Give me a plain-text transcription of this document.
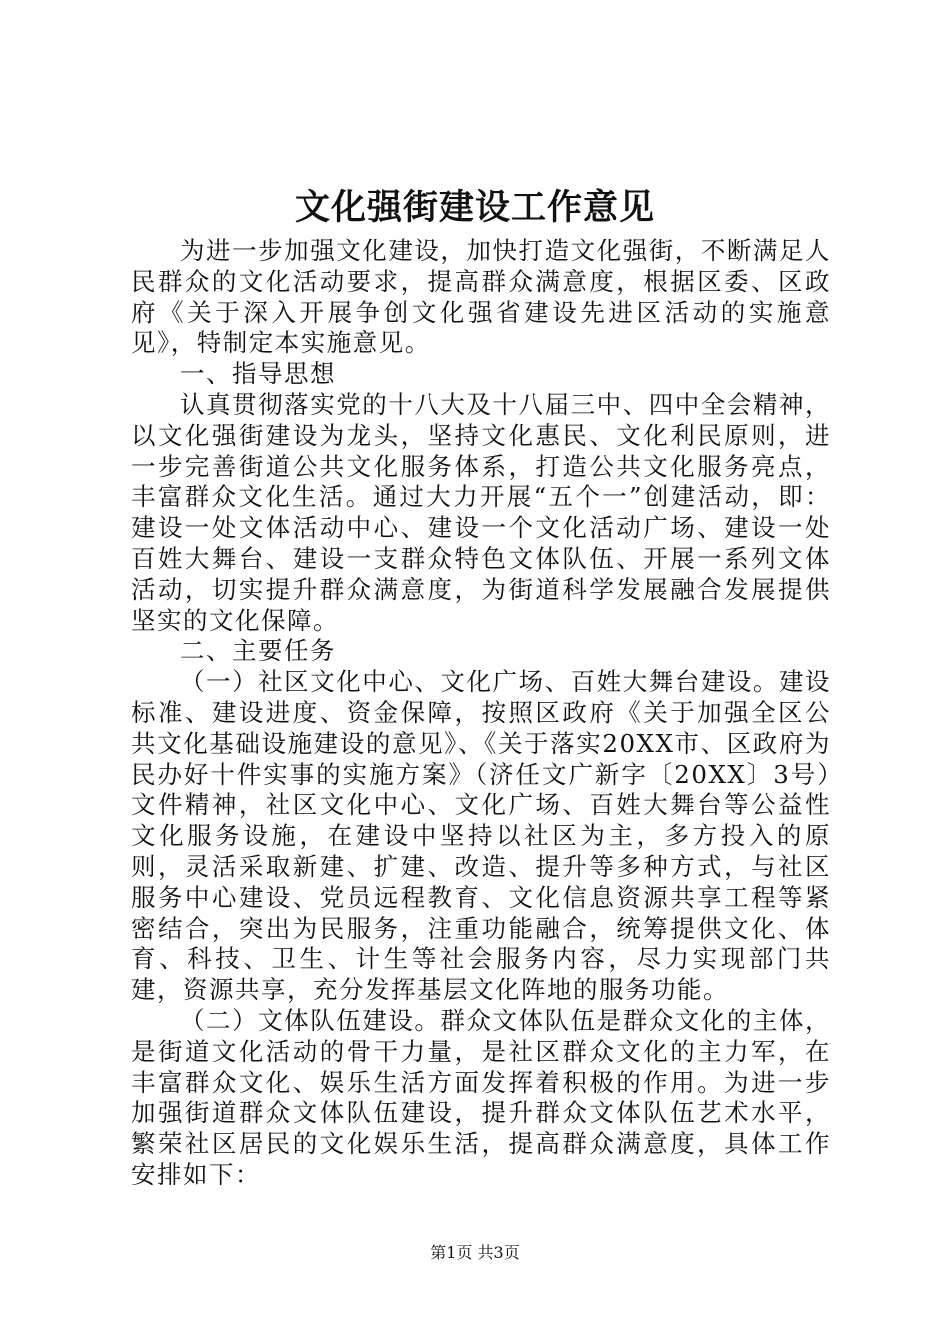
文化强街建设工作意见

为进一步加强文化建设，加快打造文化强街，不断满足人民群众的文化活动要求，提高群众满意度，根据区委、区政府《关于深入开展争创文化强省建设先进区活动的实施意见》，特制定本实施意见。

一、指导思想

认真贯彻落实党的十八大及十八届三中、四中全会精神，以文化强街建设为龙头，坚持文化惠民、文化利民原则，进一步完善街道公共文化服务体系，打造公共文化服务亮点，丰富群众文化生活。通过大力开展“五个一”创建活动，即：建设一处文体活动中心、建设一个文化活动广场、建设一处百姓大舞台、建设一支群众特色文体队伍、开展一系列文体活动，切实提升群众满意度，为街道科学发展融合发展提供坚实的文化保障。

二、主要任务

（一）社区文化中心、文化广场、百姓大舞台建设。建设标准、建设进度、资金保障，按照区政府《关于加强全区公共文化基础设施建设的意见》、《关于落实20XX市、区政府为民办好十件实事的实施方案》（济任文广新字〔20XX〕3号）文件精神，社区文化中心、文化广场、百姓大舞台等公益性文化服务设施，在建设中坚持以社区为主，多方投入的原则，灵活采取新建、扩建、改造、提升等多种方式，与社区服务中心建设、党员远程教育、文化信息资源共享工程等紧密结合，突出为民服务，注重功能融合，统筹提供文化、体育、科技、卫生、计生等社会服务内容，尽力实现部门共建，资源共享，充分发挥基层文化阵地的服务功能。

（二）文体队伍建设。群众文体队伍是群众文化的主体，是街道文化活动的骨干力量，是社区群众文化的主力军，在丰富群众文化、娱乐生活方面发挥着积极的作用。为进一步加强街道群众文体队伍建设，提升群众文体队伍艺术水平，繁荣社区居民的文化娱乐生活，提高群众满意度，具体工作安排如下：

第1页 共3页
